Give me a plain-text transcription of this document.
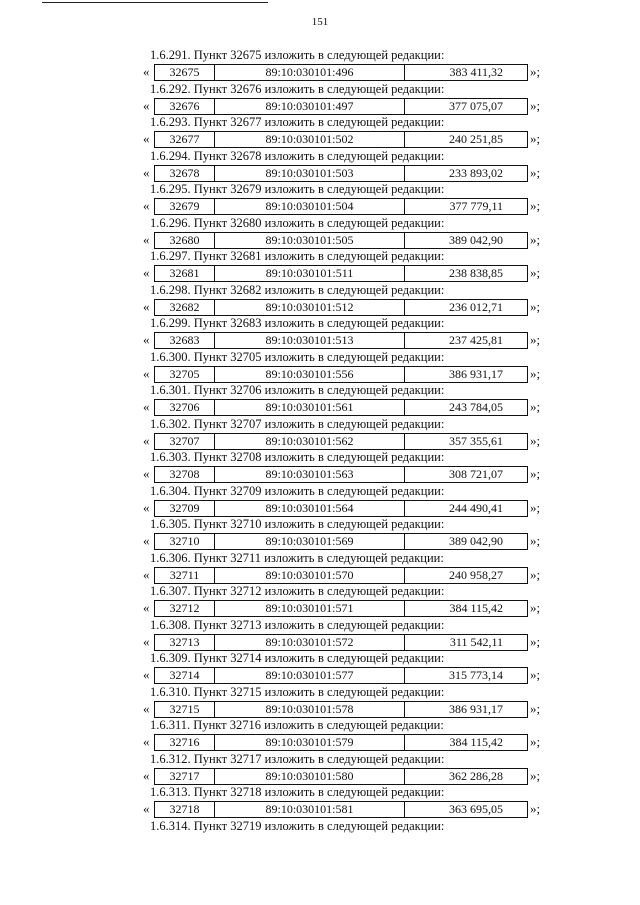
151
1.6.291. Пункт 32675 изложить в следующей редакции:
«	32675	89:10:030101:496	383 411,32	»;
1.6.292. Пункт 32676 изложить в следующей редакции:
«	32676	89:10:030101:497	377 075,07	»;
1.6.293. Пункт 32677 изложить в следующей редакции:
«	32677	89:10:030101:502	240 251,85	»;
1.6.294. Пункт 32678 изложить в следующей редакции:
«	32678	89:10:030101:503	233 893,02	»;
1.6.295. Пункт 32679 изложить в следующей редакции:
«	32679	89:10:030101:504	377 779,11	»;
1.6.296. Пункт 32680 изложить в следующей редакции:
«	32680	89:10:030101:505	389 042,90	»;
1.6.297. Пункт 32681 изложить в следующей редакции:
«	32681	89:10:030101:511	238 838,85	»;
1.6.298. Пункт 32682 изложить в следующей редакции:
«	32682	89:10:030101:512	236 012,71	»;
1.6.299. Пункт 32683 изложить в следующей редакции:
«	32683	89:10:030101:513	237 425,81	»;
1.6.300. Пункт 32705 изложить в следующей редакции:
«	32705	89:10:030101:556	386 931,17	»;
1.6.301. Пункт 32706 изложить в следующей редакции:
«	32706	89:10:030101:561	243 784,05	»;
1.6.302. Пункт 32707 изложить в следующей редакции:
«	32707	89:10:030101:562	357 355,61	»;
1.6.303. Пункт 32708 изложить в следующей редакции:
«	32708	89:10:030101:563	308 721,07	»;
1.6.304. Пункт 32709 изложить в следующей редакции:
«	32709	89:10:030101:564	244 490,41	»;
1.6.305. Пункт 32710 изложить в следующей редакции:
«	32710	89:10:030101:569	389 042,90	»;
1.6.306. Пункт 32711 изложить в следующей редакции:
«	32711	89:10:030101:570	240 958,27	»;
1.6.307. Пункт 32712 изложить в следующей редакции:
«	32712	89:10:030101:571	384 115,42	»;
1.6.308. Пункт 32713 изложить в следующей редакции:
«	32713	89:10:030101:572	311 542,11	»;
1.6.309. Пункт 32714 изложить в следующей редакции:
«	32714	89:10:030101:577	315 773,14	»;
1.6.310. Пункт 32715 изложить в следующей редакции:
«	32715	89:10:030101:578	386 931,17	»;
1.6.311. Пункт 32716 изложить в следующей редакции:
«	32716	89:10:030101:579	384 115,42	»;
1.6.312. Пункт 32717 изложить в следующей редакции:
«	32717	89:10:030101:580	362 286,28	»;
1.6.313. Пункт 32718 изложить в следующей редакции:
«	32718	89:10:030101:581	363 695,05	»;
1.6.314. Пункт 32719 изложить в следующей редакции:
